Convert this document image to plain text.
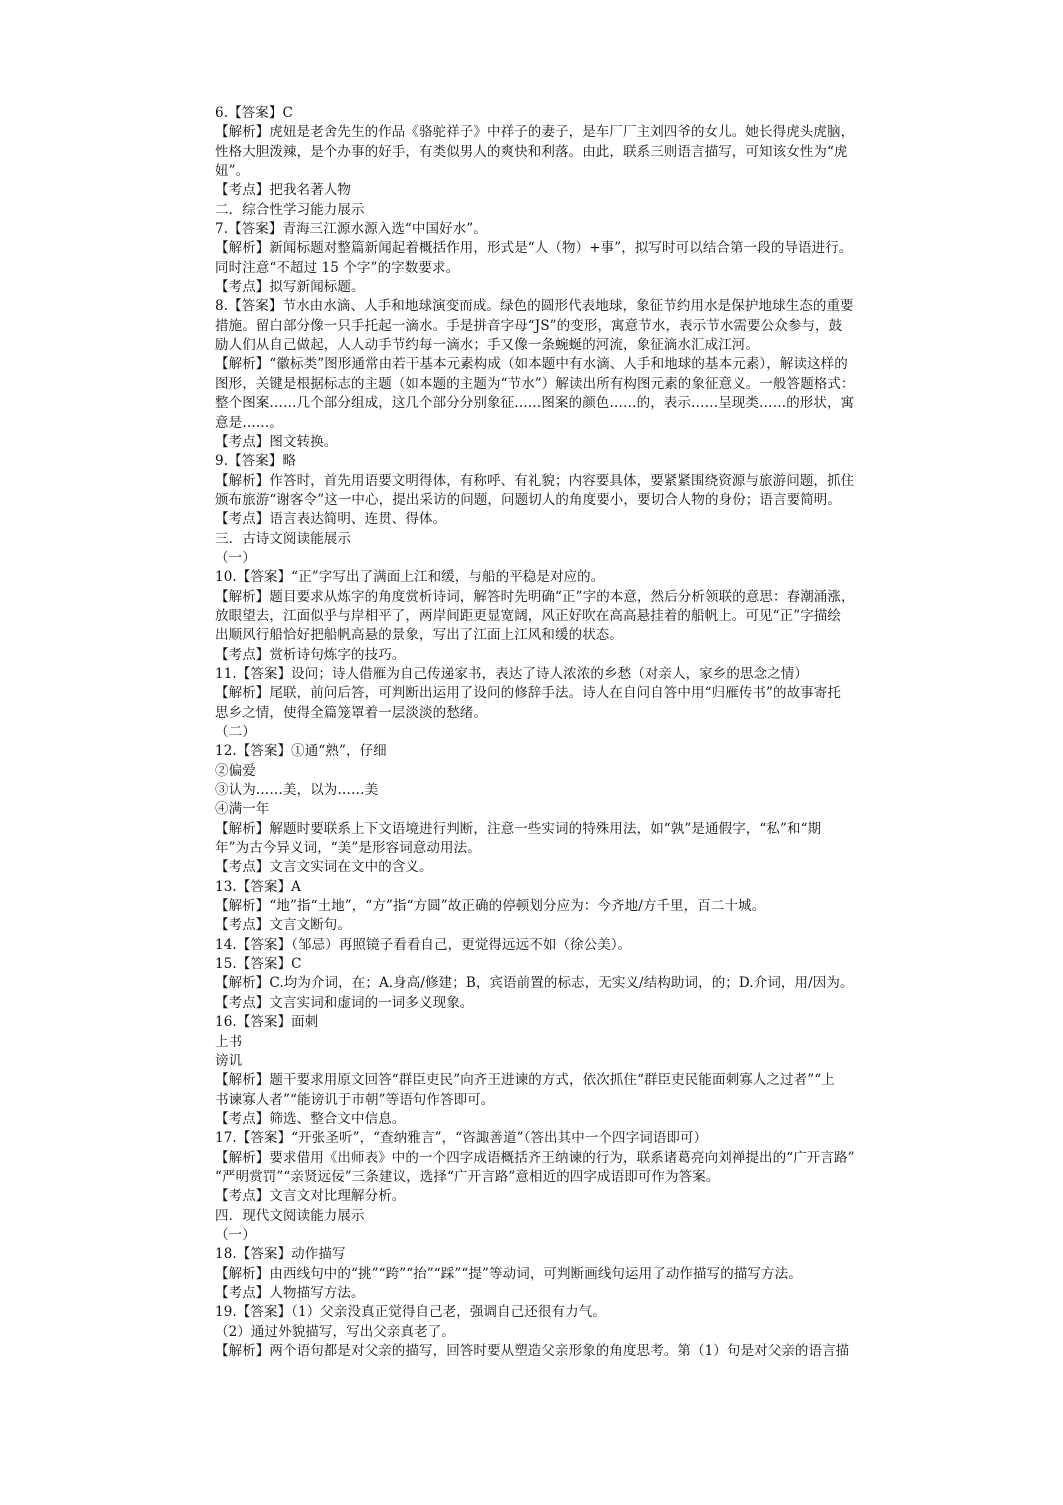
6.【答案】C
【解析】虎妞是老舍先生的作品《骆驼祥子》中祥子的妻子，是车厂厂主刘四爷的女儿。她长得虎头虎脑，
性格大胆泼辣，是个办事的好手，有类似男人的爽快和利落。由此，联系三则语言描写，可知该女性为“虎
妞”。
【考点】把我名著人物
二．综合性学习能力展示
7.【答案】青海三江源水源入选“中国好水”。
【解析】新闻标题对整篇新闻起着概括作用，形式是“人（物）+事”，拟写时可以结合第一段的导语进行。
同时注意“不超过 15 个字”的字数要求。
【考点】拟写新闻标题。
8.【答案】节水由水滴、人手和地球演变而成。绿色的圆形代表地球，象征节约用水是保护地球生态的重要
措施。留白部分像一只手托起一滴水。手是拼音字母“JS”的变形，寓意节水，表示节水需要公众参与，鼓
励人们从自己做起，人人动手节约每一滴水；手又像一条蜿蜒的河流，象征滴水汇成江河。
【解析】“徽标类”图形通常由若干基本元素构成（如本题中有水滴、人手和地球的基本元素），解读这样的
图形，关键是根据标志的主题（如本题的主题为“节水”）解读出所有构图元素的象征意义。一般答题格式：
整个图案……几个部分组成，这几个部分分别象征……图案的颜色……的，表示……呈现类……的形状，寓
意是……。
【考点】图文转换。
9.【答案】略
【解析】作答时，首先用语要文明得体，有称呼、有礼貌；内容要具体，要紧紧围绕资源与旅游问题，抓住
颁布旅游“谢客令”这一中心，提出采访的问题，问题切人的角度要小，要切合人物的身份；语言要简明。
【考点】语言表达简明、连贯、得体。
三．古诗文阅读能展示
（一）
10.【答案】“正”字写出了满面上江和缓，与船的平稳是对应的。
【解析】题目要求从炼字的角度赏析诗词，解答时先明确“正”字的本意，然后分析领联的意思：春潮涌涨，
放眼望去，江面似乎与岸相平了，两岸间距更显宽阔，风正好吹在高高悬挂着的船帆上。可见“正”字描绘
出顺风行船恰好把船帆高悬的景象，写出了江面上江风和缓的状态。
【考点】赏析诗句炼字的技巧。
11.【答案】设问；诗人借雁为自己传递家书，表达了诗人浓浓的乡愁（对亲人，家乡的思念之情）
【解析】尾联，前问后答，可判断出运用了设问的修辞手法。诗人在自问自答中用“归雁传书”的故事寄托
思乡之情，使得全篇笼罩着一层淡淡的愁绪。
（二）
12.【答案】①通“熟”，仔细
②偏爱
③认为……美，以为……美
④满一年
【解析】解题时要联系上下文语境进行判断，注意一些实词的特殊用法，如“孰”是通假字，“私”和“期
年”为古今异义词，“美”是形容词意动用法。
【考点】文言文实词在文中的含义。
13.【答案】A
【解析】“地”指“土地”，“方”指“方圆”故正确的停顿划分应为：今齐地/方千里，百二十城。
【考点】文言文断句。
14.【答案】（邹忌）再照镜子看看自己，更觉得远远不如（徐公美）。
15.【答案】C
【解析】C.均为介词，在；A.身高/修建；B，宾语前置的标志，无实义/结构助词，的；D.介词，用/因为。
【考点】文言实词和虚词的一词多义现象。
16.【答案】面刺
上书
谤讥
【解析】题干要求用原文回答“群臣吏民”向齐王进谏的方式，依次抓住“群臣吏民能面刺寡人之过者”“上
书谏寡人者”“能谤讥于市朝”等语句作答即可。
【考点】筛选、整合文中信息。
17.【答案】“开张圣听”，“查纳雅言”，“咨諏善道”（答出其中一个四字词语即可）
【解析】要求借用《出师表》中的一个四字成语概括齐王纳谏的行为，联系诸葛亮向刘禅提出的“广开言路”
“严明赏罚”“亲贤远佞”三条建议，选择“广开言路”意相近的四字成语即可作为答案。
【考点】文言文对比理解分析。
四．现代文阅读能力展示
（一）
18.【答案】动作描写
【解析】由西线句中的“挑”“跨”“抬”“踩”“提”等动词，可判断画线句运用了动作描写的描写方法。
【考点】人物描写方法。
19.【答案】（1）父亲没真正觉得自己老，强调自己还很有力气。
（2）通过外貌描写，写出父亲真老了。
【解析】两个语句都是对父亲的描写，回答时要从塑造父亲形象的角度思考。第（1）句是对父亲的语言描
